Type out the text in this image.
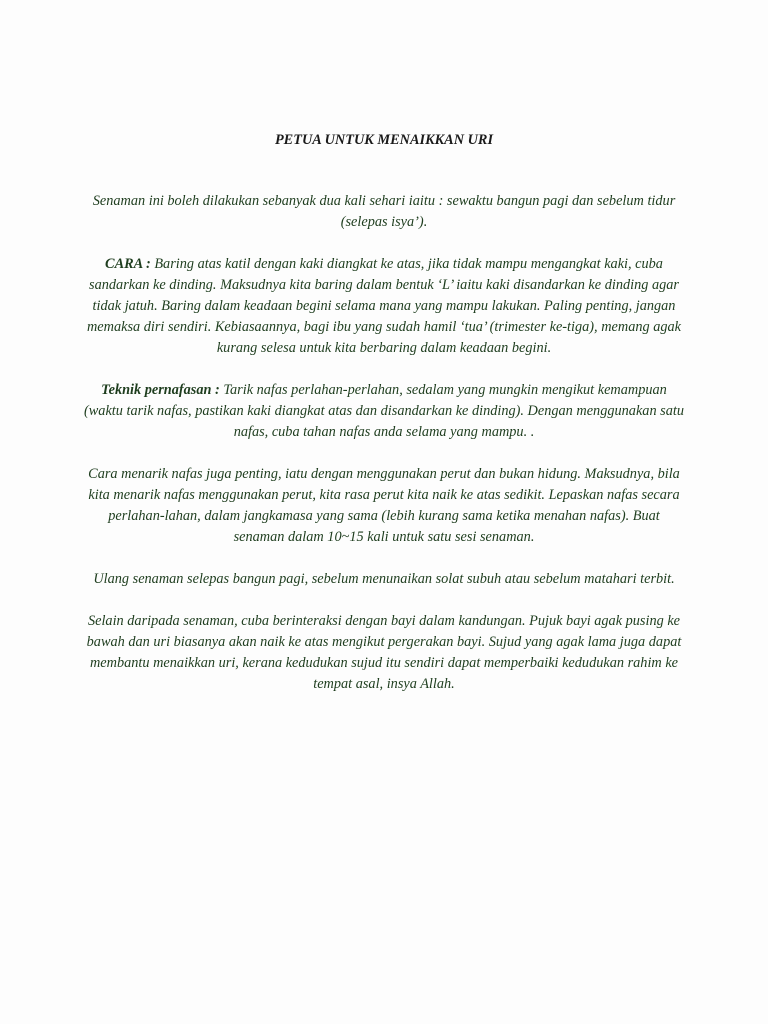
PETUA UNTUK MENAIKKAN URI

Senaman ini boleh dilakukan sebanyak dua kali sehari iaitu : sewaktu bangun pagi dan sebelum tidur (selepas isya’).

CARA : Baring atas katil dengan kaki diangkat ke atas, jika tidak mampu mengangkat kaki, cuba sandarkan ke dinding. Maksudnya kita baring dalam bentuk ‘L’ iaitu kaki disandarkan ke dinding agar tidak jatuh. Baring dalam keadaan begini selama mana yang mampu lakukan. Paling penting, jangan memaksa diri sendiri. Kebiasaannya, bagi ibu yang sudah hamil ‘tua’ (trimester ke-tiga), memang agak kurang selesa untuk kita berbaring dalam keadaan begini.

Teknik pernafasan : Tarik nafas perlahan-perlahan, sedalam yang mungkin mengikut kemampuan (waktu tarik nafas, pastikan kaki diangkat atas dan disandarkan ke dinding). Dengan menggunakan satu nafas, cuba tahan nafas anda selama yang mampu. .

Cara menarik nafas juga penting, iatu dengan menggunakan perut dan bukan hidung. Maksudnya, bila kita menarik nafas menggunakan perut, kita rasa perut kita naik ke atas sedikit. Lepaskan nafas secara perlahan-lahan, dalam jangkamasa yang sama (lebih kurang sama ketika menahan nafas). Buat senaman dalam 10~15 kali untuk satu sesi senaman.

Ulang senaman selepas bangun pagi, sebelum menunaikan solat subuh atau sebelum matahari terbit.

Selain daripada senaman, cuba berinteraksi dengan bayi dalam kandungan. Pujuk bayi agak pusing ke bawah dan uri biasanya akan naik ke atas mengikut pergerakan bayi. Sujud yang agak lama juga dapat membantu menaikkan uri, kerana kedudukan sujud itu sendiri dapat memperbaiki kedudukan rahim ke tempat asal, insya Allah.
